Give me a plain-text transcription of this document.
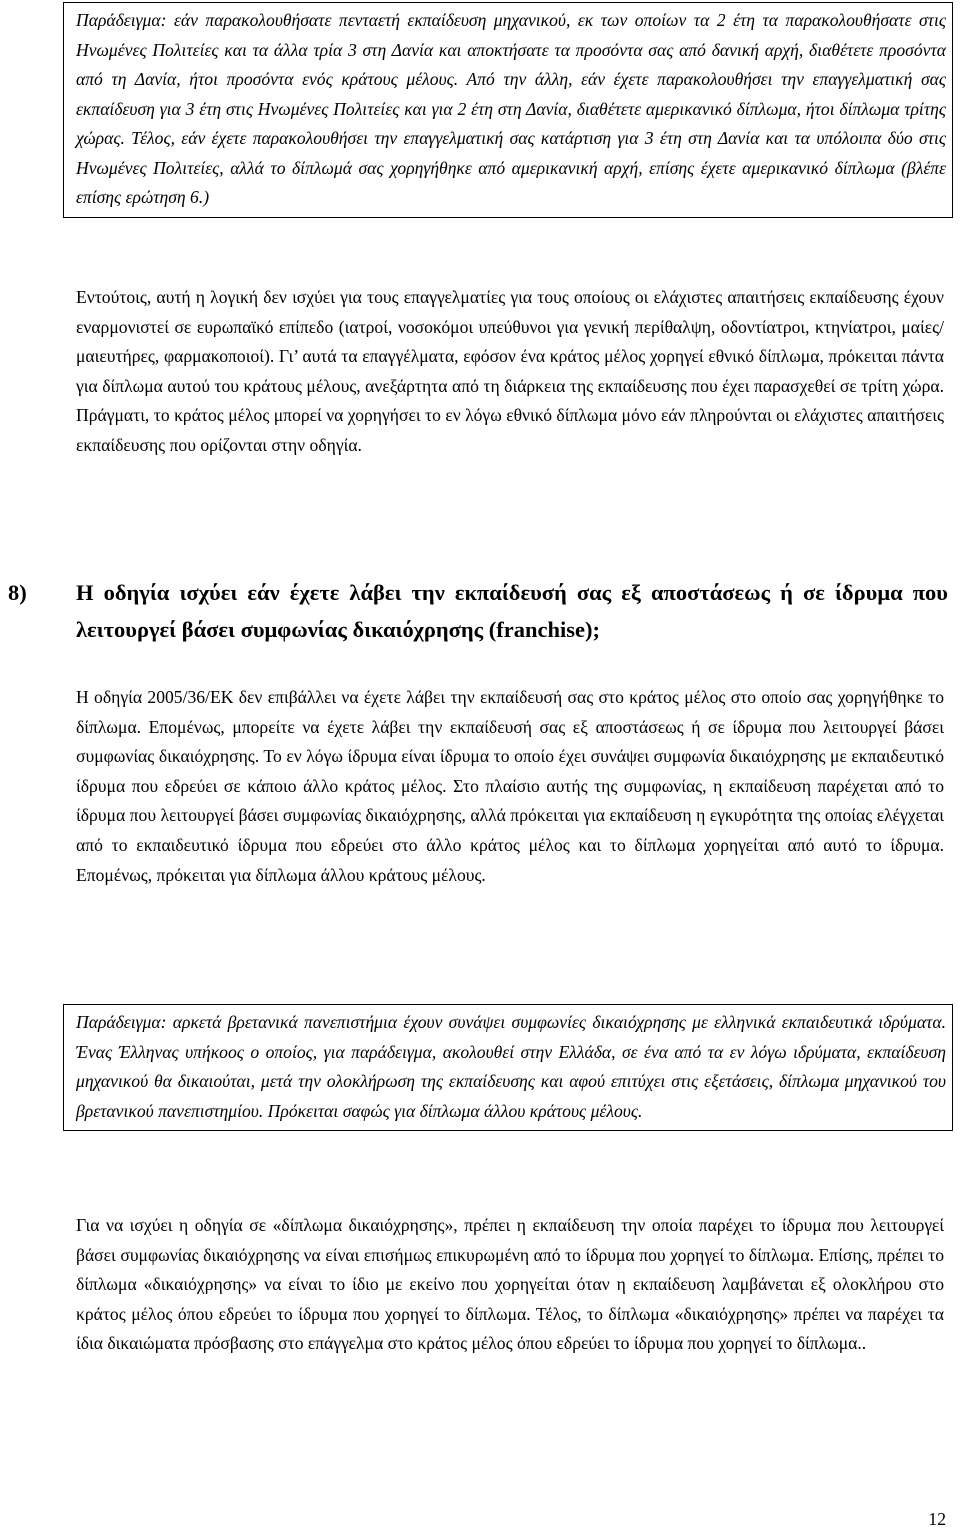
Παράδειγμα: εάν παρακολουθήσατε πενταετή εκπαίδευση μηχανικού, εκ των οποίων τα 2 έτη τα παρακολουθήσατε στις Ηνωμένες Πολιτείες και τα άλλα τρία 3 στη Δανία και αποκτήσατε τα προσόντα σας από δανική αρχή, διαθέτετε προσόντα από τη Δανία, ήτοι προσόντα ενός κράτους μέλους. Από την άλλη, εάν έχετε παρακολουθήσει την επαγγελματική σας εκπαίδευση για 3 έτη στις Ηνωμένες Πολιτείες και για 2 έτη στη Δανία, διαθέτετε αμερικανικό δίπλωμα, ήτοι δίπλωμα τρίτης χώρας. Τέλος, εάν έχετε παρακολουθήσει την επαγγελματική σας κατάρτιση για 3 έτη στη Δανία και τα υπόλοιπα δύο στις Ηνωμένες Πολιτείες, αλλά το δίπλωμά σας χορηγήθηκε από αμερικανική αρχή, επίσης έχετε αμερικανικό δίπλωμα (βλέπε επίσης ερώτηση 6.)

Εντούτοις, αυτή η λογική δεν ισχύει για τους επαγγελματίες για τους οποίους οι ελάχιστες απαιτήσεις εκπαίδευσης έχουν εναρμονιστεί σε ευρωπαϊκό επίπεδο (ιατροί, νοσοκόμοι υπεύθυνοι για γενική περίθαλψη, οδοντίατροι, κτηνίατροι, μαίες/ μαιευτήρες, φαρμακοποιοί). Γι’ αυτά τα επαγγέλματα, εφόσον ένα κράτος μέλος χορηγεί εθνικό δίπλωμα, πρόκειται πάντα για δίπλωμα αυτού του κράτους μέλους, ανεξάρτητα από τη διάρκεια της εκπαίδευσης που έχει παρασχεθεί σε τρίτη χώρα. Πράγματι, το κράτος μέλος μπορεί να χορηγήσει το εν λόγω εθνικό δίπλωμα μόνο εάν πληρούνται οι ελάχιστες απαιτήσεις εκπαίδευσης που ορίζονται στην οδηγία.

8) Η οδηγία ισχύει εάν έχετε λάβει την εκπαίδευσή σας εξ αποστάσεως ή σε ίδρυμα που λειτουργεί βάσει συμφωνίας δικαιόχρησης (franchise);

Η οδηγία 2005/36/ΕΚ δεν επιβάλλει να έχετε λάβει την εκπαίδευσή σας στο κράτος μέλος στο οποίο σας χορηγήθηκε το δίπλωμα. Επομένως, μπορείτε να έχετε λάβει την εκπαίδευσή σας εξ αποστάσεως ή σε ίδρυμα που λειτουργεί βάσει συμφωνίας δικαιόχρησης. Το εν λόγω ίδρυμα είναι ίδρυμα το οποίο έχει συνάψει συμφωνία δικαιόχρησης με εκπαιδευτικό ίδρυμα που εδρεύει σε κάποιο άλλο κράτος μέλος. Στο πλαίσιο αυτής της συμφωνίας, η εκπαίδευση παρέχεται από το ίδρυμα που λειτουργεί βάσει συμφωνίας δικαιόχρησης, αλλά πρόκειται για εκπαίδευση η εγκυρότητα της οποίας ελέγχεται από το εκπαιδευτικό ίδρυμα που εδρεύει στο άλλο κράτος μέλος και το δίπλωμα χορηγείται από αυτό το ίδρυμα. Επομένως, πρόκειται για δίπλωμα άλλου κράτους μέλους.

Παράδειγμα: αρκετά βρετανικά πανεπιστήμια έχουν συνάψει συμφωνίες δικαιόχρησης με ελληνικά εκπαιδευτικά ιδρύματα. Ένας Έλληνας υπήκοος ο οποίος, για παράδειγμα, ακολουθεί στην Ελλάδα, σε ένα από τα εν λόγω ιδρύματα, εκπαίδευση μηχανικού θα δικαιούται, μετά την ολοκλήρωση της εκπαίδευσης και αφού επιτύχει στις εξετάσεις, δίπλωμα μηχανικού του βρετανικού πανεπιστημίου. Πρόκειται σαφώς για δίπλωμα άλλου κράτους μέλους.

Για να ισχύει η οδηγία σε «δίπλωμα δικαιόχρησης», πρέπει η εκπαίδευση την οποία παρέχει το ίδρυμα που λειτουργεί βάσει συμφωνίας δικαιόχρησης να είναι επισήμως επικυρωμένη από το ίδρυμα που χορηγεί το δίπλωμα. Επίσης, πρέπει το δίπλωμα «δικαιόχρησης» να είναι το ίδιο με εκείνο που χορηγείται όταν η εκπαίδευση λαμβάνεται εξ ολοκλήρου στο κράτος μέλος όπου εδρεύει το ίδρυμα που χορηγεί το δίπλωμα. Τέλος, το δίπλωμα «δικαιόχρησης» πρέπει να παρέχει τα ίδια δικαιώματα πρόσβασης στο επάγγελμα στο κράτος μέλος όπου εδρεύει το ίδρυμα που χορηγεί το δίπλωμα..

12
